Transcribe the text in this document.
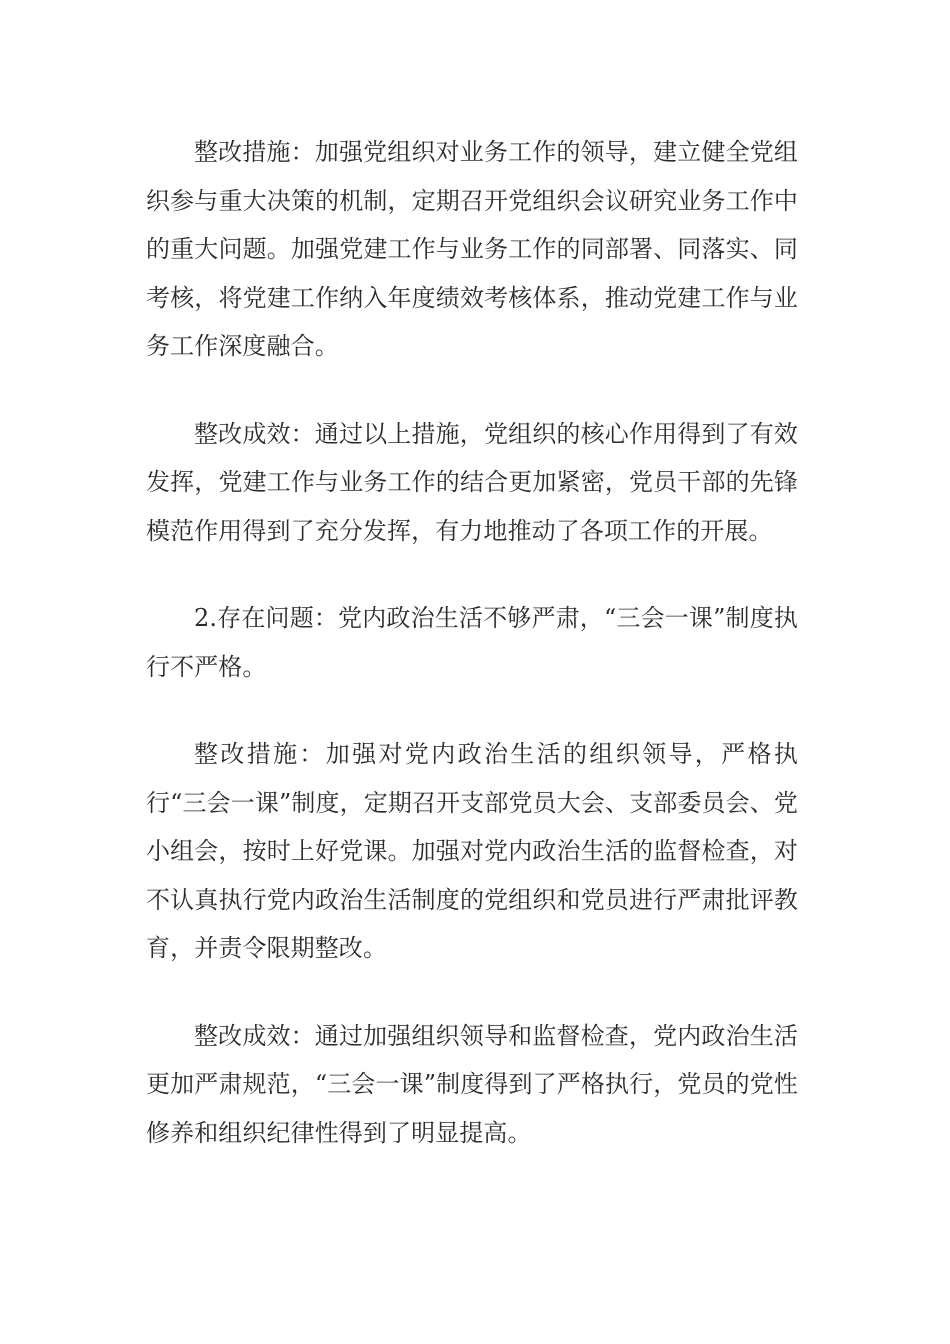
整改措施：加强党组织对业务工作的领导，建立健全党组织参与重大决策的机制，定期召开党组织会议研究业务工作中的重大问题。加强党建工作与业务工作的同部署、同落实、同考核，将党建工作纳入年度绩效考核体系，推动党建工作与业务工作深度融合。

整改成效：通过以上措施，党组织的核心作用得到了有效发挥，党建工作与业务工作的结合更加紧密，党员干部的先锋模范作用得到了充分发挥，有力地推动了各项工作的开展。

2.存在问题：党内政治生活不够严肃，“三会一课”制度执行不严格。

整改措施：加强对党内政治生活的组织领导，严格执行“三会一课”制度，定期召开支部党员大会、支部委员会、党小组会，按时上好党课。加强对党内政治生活的监督检查，对不认真执行党内政治生活制度的党组织和党员进行严肃批评教育，并责令限期整改。

整改成效：通过加强组织领导和监督检查，党内政治生活更加严肃规范，“三会一课”制度得到了严格执行，党员的党性修养和组织纪律性得到了明显提高。
